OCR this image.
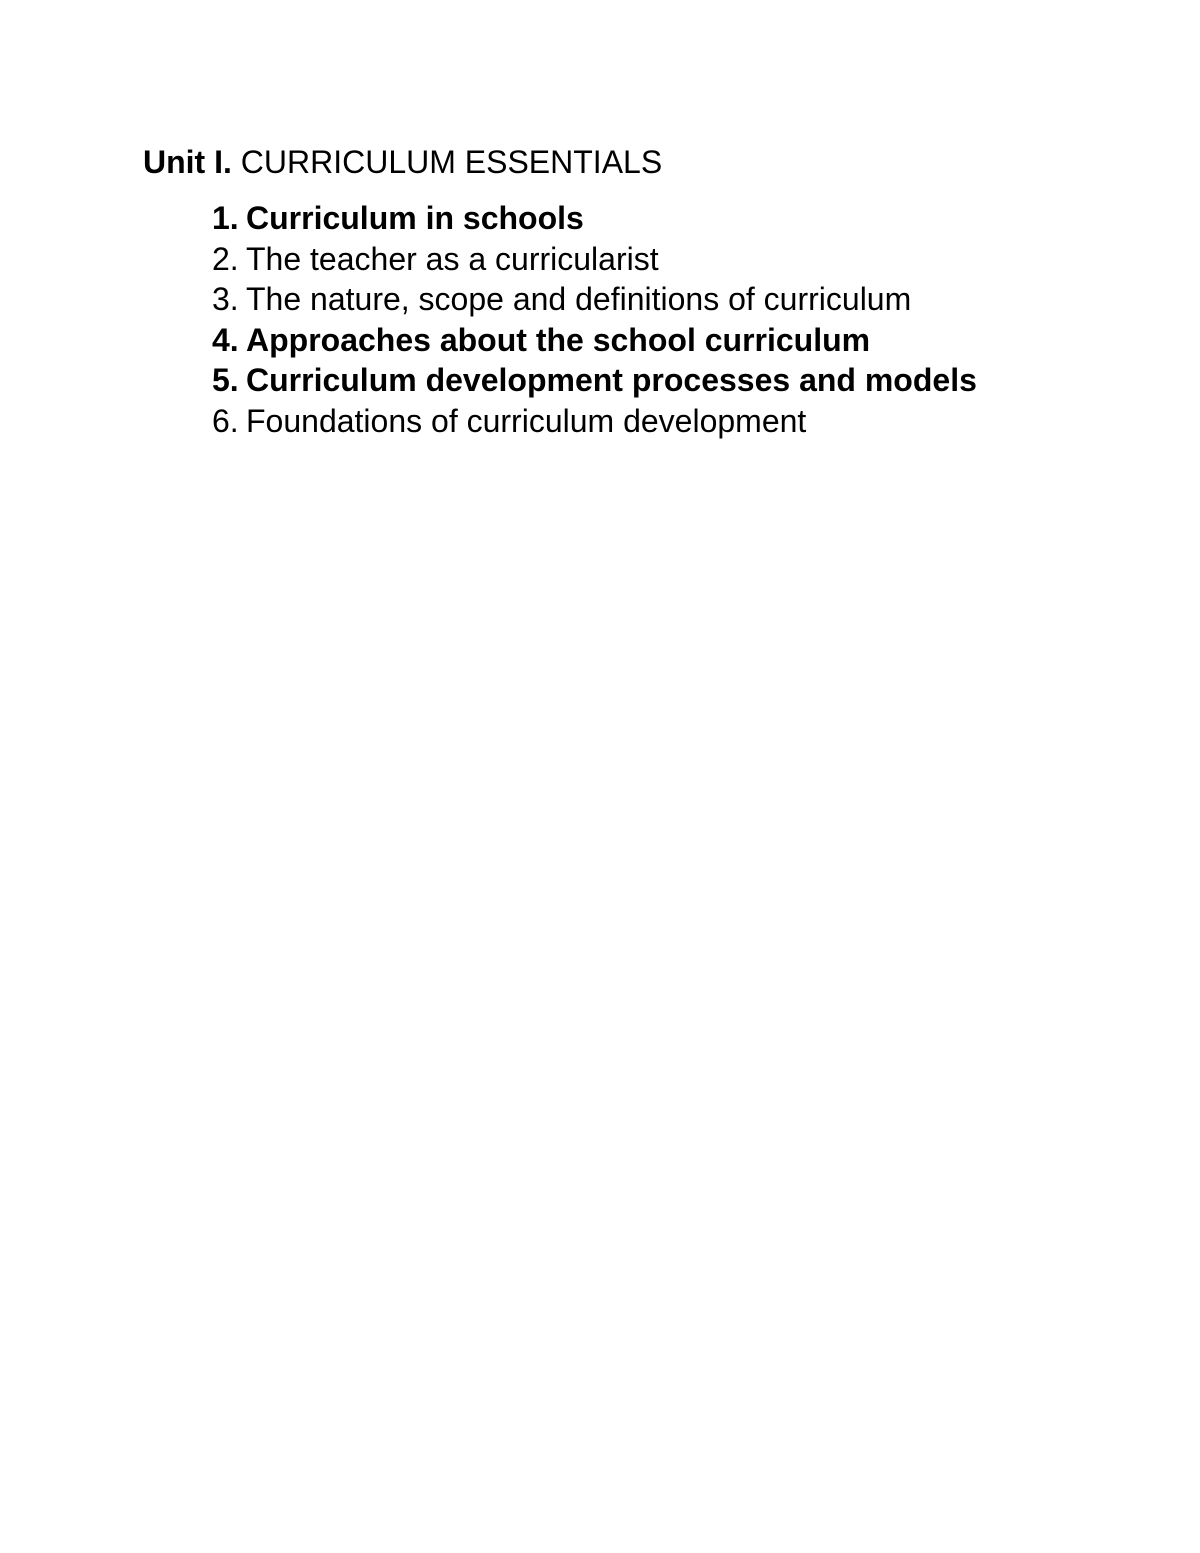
Unit I. CURRICULUM ESSENTIALS
1. Curriculum in schools
2. The teacher as a curricularist
3. The nature, scope and definitions of curriculum
4. Approaches about the school curriculum
5. Curriculum development processes and models
6. Foundations of curriculum development
